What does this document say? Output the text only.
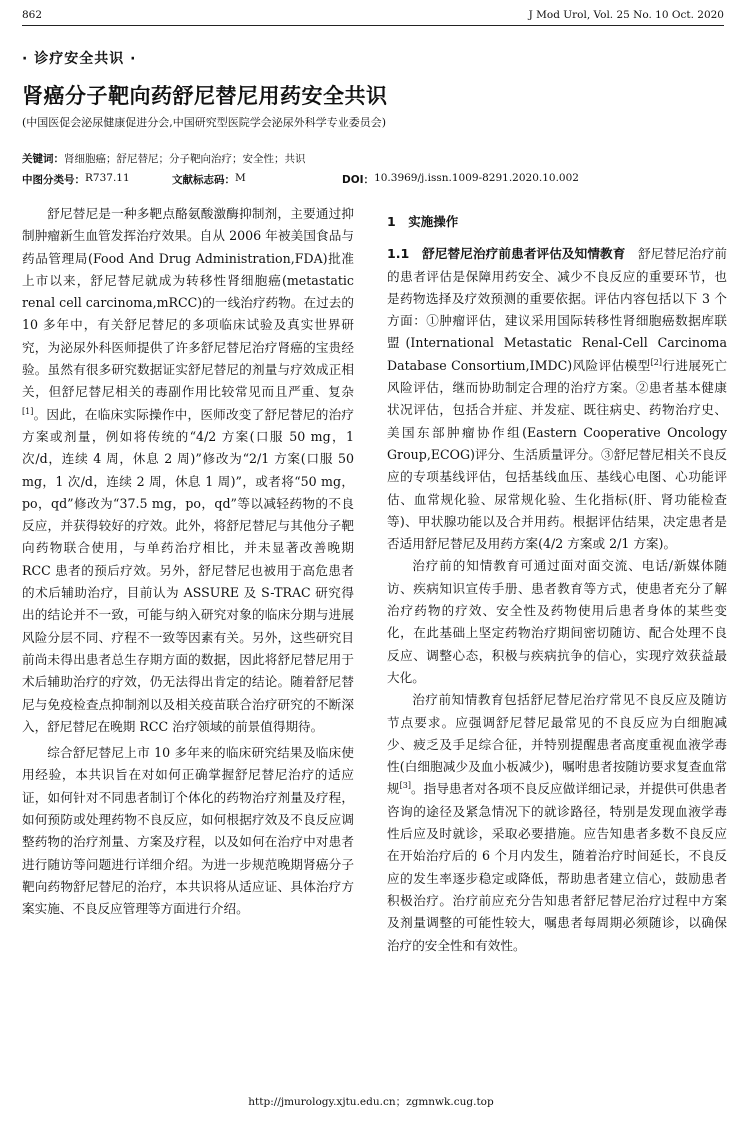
862	J Mod Urol, Vol. 25 No. 10 Oct. 2020
· 诊疗安全共识 ·
肾癌分子靶向药舒尼替尼用药安全共识
(中国医促会泌尿健康促进分会,中国研究型医院学会泌尿外科学专业委员会)
关键词：肾细胞癌；舒尼替尼；分子靶向治疗；安全性；共识
中图分类号： R737.11	文献标志码： M	DOI： 10.3969/j.issn.1009-8291.2020.10.002

舒尼替尼是一种多靶点酪氨酸激酶抑制剂，主要通过抑制肿瘤新生血管发挥治疗效果。自从 2006 年被美国食品与药品管理局(Food And Drug Administration,FDA)批准上市以来，舒尼替尼就成为转移性肾细胞癌(metastatic renal cell carcinoma,mRCC)的一线治疗药物。在过去的 10 多年中，有关舒尼替尼的多项临床试验及真实世界研究，为泌尿外科医师提供了许多舒尼替尼治疗肾癌的宝贵经验。虽然有很多研究数据证实舒尼替尼的剂量与疗效成正相关，但舒尼替尼相关的毒副作用比较常见而且严重、复杂[1]。因此，在临床实际操作中，医师改变了舒尼替尼的治疗方案或剂量，例如将传统的“4/2 方案(口服 50 mg，1 次/d，连续 4 周，休息 2 周)”修改为“2/1 方案(口服 50 mg，1 次/d，连续 2 周，休息 1 周)”，或者将“50 mg，po，qd”修改为“37.5 mg，po，qd”等以减轻药物的不良反应，并获得较好的疗效。此外，将舒尼替尼与其他分子靶向药物联合使用，与单药治疗相比，并未显著改善晚期 RCC 患者的预后疗效。另外，舒尼替尼也被用于高危患者的术后辅助治疗，目前认为 ASSURE 及 S-TRAC 研究得出的结论并不一致，可能与纳入研究对象的临床分期与进展风险分层不同、疗程不一致等因素有关。另外，这些研究目前尚未得出患者总生存期方面的数据，因此将舒尼替尼用于术后辅助治疗的疗效，仍无法得出肯定的结论。随着舒尼替尼与免疫检查点抑制剂以及相关疫苗联合治疗研究的不断深入，舒尼替尼在晚期 RCC 治疗领域的前景值得期待。

综合舒尼替尼上市 10 多年来的临床研究结果及临床使用经验，本共识旨在对如何正确掌握舒尼替尼治疗的适应证，如何针对不同患者制订个体化的药物治疗剂量及疗程，如何预防或处理药物不良反应，如何根据疗效及不良反应调整药物的治疗剂量、方案及疗程，以及如何在治疗中对患者进行随访等问题进行详细介绍。为进一步规范晚期肾癌分子靶向药物舒尼替尼的治疗，本共识将从适应证、具体治疗方案实施、不良反应管理等方面进行介绍。

1　实施操作

1.1　舒尼替尼治疗前患者评估及知情教育　 舒尼替尼治疗前的患者评估是保障用药安全、减少不良反应的重要环节，也是药物选择及疗效预测的重要依据。评估内容包括以下 3 个方面：①肿瘤评估，建议采用国际转移性肾细胞癌数据库联盟(International Metastatic Renal-Cell Carcinoma Database Consortium,IMDC)风险评估模型[2]行进展死亡风险评估，继而协助制定合理的治疗方案。②患者基本健康状况评估，包括合并症、并发症、既往病史、药物治疗史、美国东部肿瘤协作组(Eastern Cooperative Oncology Group,ECOG)评分、生活质量评分。③舒尼替尼相关不良反应的专项基线评估，包括基线血压、基线心电图、心功能评估、血常规化验、尿常规化验、生化指标(肝、肾功能检查等)、甲状腺功能以及合并用药。根据评估结果，决定患者是否适用舒尼替尼及用药方案(4/2 方案或 2/1 方案)。

治疗前的知情教育可通过面对面交流、电话/新媒体随访、疾病知识宣传手册、患者教育等方式，使患者充分了解治疗药物的疗效、安全性及药物使用后患者身体的某些变化，在此基础上坚定药物治疗期间密切随访、配合处理不良反应、调整心态，积极与疾病抗争的信心，实现疗效获益最大化。

治疗前知情教育包括舒尼替尼治疗常见不良反应及随访节点要求。应强调舒尼替尼最常见的不良反应为白细胞减少、疲乏及手足综合征，并特别提醒患者高度重视血液学毒性(白细胞减少及血小板减少)，嘱咐患者按随访要求复查血常规[3]。指导患者对各项不良反应做详细记录，并提供可供患者咨询的途径及紧急情况下的就诊路径，特别是发现血液学毒性后应及时就诊，采取必要措施。应告知患者多数不良反应在开始治疗后的 6 个月内发生，随着治疗时间延长，不良反应的发生率逐步稳定或降低，帮助患者建立信心，鼓励患者积极治疗。治疗前应充分告知患者舒尼替尼治疗过程中方案及剂量调整的可能性较大，嘱患者每周期必须随诊，以确保治疗的安全性和有效性。

http://jmurology.xjtu.edu.cn；zgmnwk.cug.top
